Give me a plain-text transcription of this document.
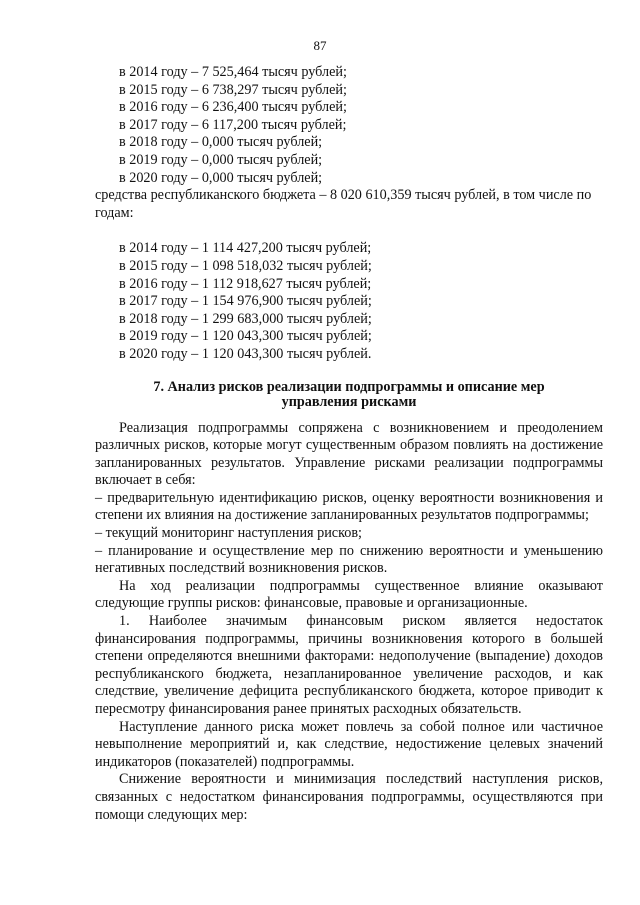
87
в 2014 году – 7 525,464 тысяч рублей;
в 2015 году – 6 738,297 тысяч рублей;
в 2016 году – 6 236,400 тысяч рублей;
в 2017 году – 6 117,200 тысяч рублей;
в 2018 году – 0,000 тысяч рублей;
в 2019 году – 0,000 тысяч рублей;
в 2020 году – 0,000 тысяч рублей;

средства республиканского бюджета – 8 020 610,359 тысяч рублей, в том числе по годам:

в 2014 году – 1 114 427,200 тысяч рублей;
в 2015 году – 1 098 518,032 тысяч рублей;
в 2016 году – 1 112 918,627 тысяч рублей;
в 2017 году – 1 154 976,900 тысяч рублей;
в 2018 году – 1 299 683,000 тысяч рублей;
в 2019 году – 1 120 043,300 тысяч рублей;
в 2020 году – 1 120 043,300 тысяч рублей.
7. Анализ рисков реализации подпрограммы и описание мер
управления рисками

Реализация подпрограммы сопряжена с возникновением и преодолением различных рисков, которые могут существенным образом повлиять на достижение запланированных результатов. Управление рисками реализации подпрограммы включает в себя:

– предварительную идентификацию рисков, оценку вероятности возникновения и степени их влияния на достижение запланированных результатов подпрограммы;

– текущий мониторинг наступления рисков;

– планирование и осуществление мер по снижению вероятности и уменьшению негативных последствий возникновения рисков.

На ход реализации подпрограммы существенное влияние оказывают следующие группы рисков: финансовые, правовые и организационные.

1. Наиболее значимым финансовым риском является недостаток финансирования подпрограммы, причины возникновения которого в большей степени определяются внешними факторами: недополучение (выпадение) доходов республиканского бюджета, незапланированное увеличение расходов, и как следствие, увеличение дефицита республиканского бюджета, которое приводит к пересмотру финансирования ранее принятых расходных обязательств.

Наступление данного риска может повлечь за собой полное или частичное невыполнение мероприятий и, как следствие, недостижение целевых значений индикаторов (показателей) подпрограммы.

Снижение вероятности и минимизация последствий наступления рисков, связанных с недостатком финансирования подпрограммы, осуществляются при помощи следующих мер:
